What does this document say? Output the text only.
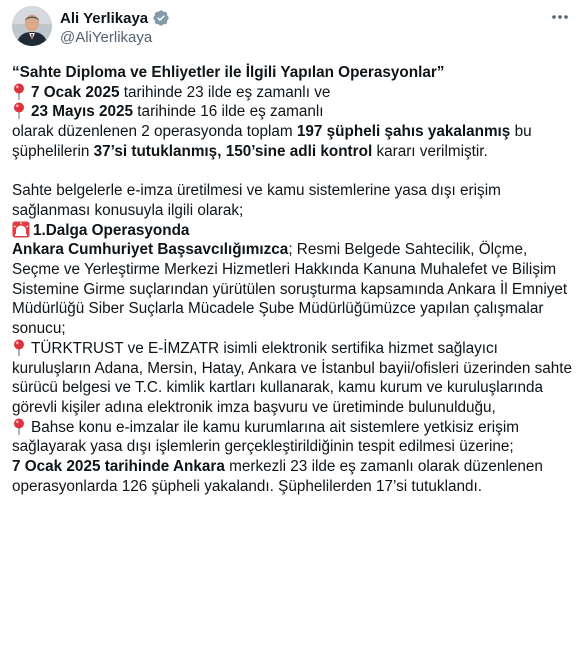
Ali Yerlikaya
@AliYerlikaya

“Sahte Diploma ve Ehliyetler ile İlgili Yapılan Operasyonlar”

7 Ocak 2025 tarihinde 23 ilde eş zamanlı ve

23 Mayıs 2025 tarihinde 16 ilde eş zamanlı

olarak düzenlenen 2 operasyonda toplam 197 şüpheli şahıs yakalanmış bu şüphelilerin 37’si tutuklanmış, 150’sine adli kontrol kararı verilmiştir.

Sahte belgelerle e-imza üretilmesi ve kamu sistemlerine yasa dışı erişim sağlanması konusuyla ilgili olarak;

1.Dalga Operasyonda

Ankara Cumhuriyet Başsavcılığımızca; Resmi Belgede Sahtecilik, Ölçme, Seçme ve Yerleştirme Merkezi Hizmetleri Hakkında Kanuna Muhalefet ve Bilişim Sistemine Girme suçlarından yürütülen soruşturma kapsamında Ankara İl Emniyet Müdürlüğü Siber Suçlarla Mücadele Şube Müdürlüğümüzce yapılan çalışmalar sonucu;

TÜRKTRUST ve E-İMZATR isimli elektronik sertifika hizmet sağlayıcı kuruluşların Adana, Mersin, Hatay, Ankara ve İstanbul bayii/ofisleri üzerinden sahte sürücü belgesi ve T.C. kimlik kartları kullanarak, kamu kurum ve kuruluşlarında görevli kişiler adına elektronik imza başvuru ve üretiminde bulunulduğu,

Bahse konu e-imzalar ile kamu kurumlarına ait sistemlere yetkisiz erişim sağlayarak yasa dışı işlemlerin gerçekleştirildiğinin tespit edilmesi üzerine;

7 Ocak 2025 tarihinde Ankara merkezli 23 ilde eş zamanlı olarak düzenlenen operasyonlarda 126 şüpheli yakalandı. Şüphelilerden 17’si tutuklandı.
